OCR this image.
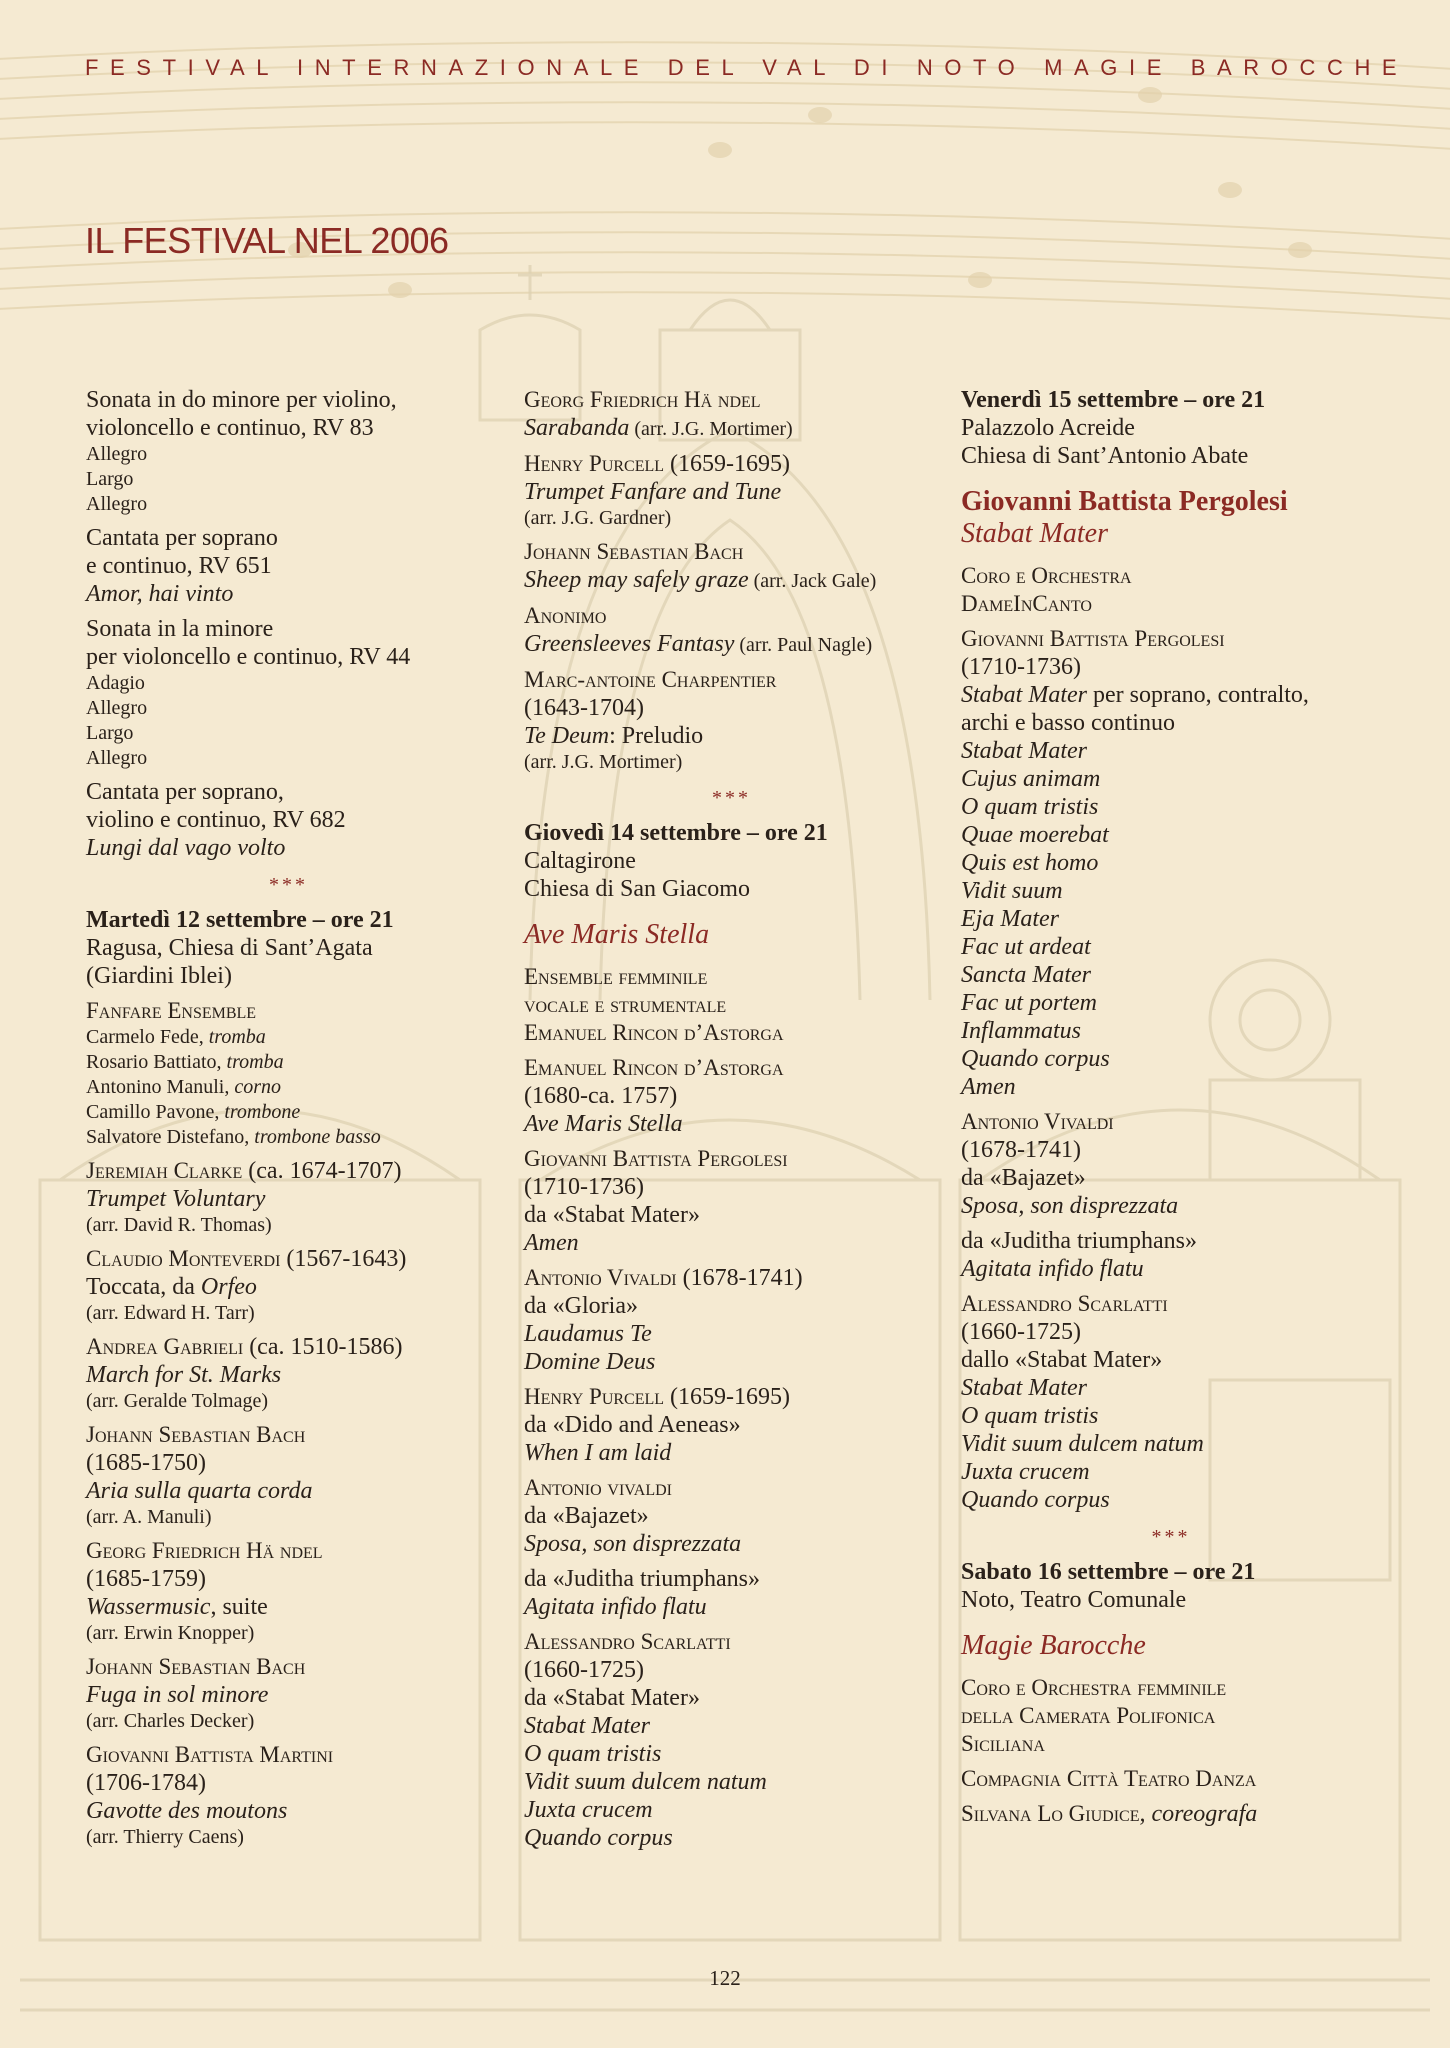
FESTIVAL INTERNAZIONALE DEL VAL DI NOTO MAGIE BAROCCHE
IL FESTIVAL NEL 2006
Sonata in do minore per violino,
violoncello e continuo, RV 83
Allegro
Largo
Allegro
Cantata per soprano
e continuo, RV 651
Amor, hai vinto
Sonata in la minore
per violoncello e continuo, RV 44
Adagio
Allegro
Largo
Allegro
Cantata per soprano,
violino e continuo, RV 682
Lungi dal vago volto
***
Martedì 12 settembre – ore 21
Ragusa, Chiesa di Sant’Agata
(Giardini Iblei)
Fanfare Ensemble
Carmelo Fede, tromba
Rosario Battiato, tromba
Antonino Manuli, corno
Camillo Pavone, trombone
Salvatore Distefano, trombone basso
Jeremiah Clarke (ca. 1674-1707)
Trumpet Voluntary
(arr. David R. Thomas)
Claudio Monteverdi (1567-1643)
Toccata, da Orfeo
(arr. Edward H. Tarr)
Andrea Gabrieli (ca. 1510-1586)
March for St. Marks
(arr. Geralde Tolmage)
Johann Sebastian Bach
(1685-1750)
Aria sulla quarta corda
(arr. A. Manuli)
Georg Friedrich Hä ndel
(1685-1759)
Wassermusic, suite
(arr. Erwin Knopper)
Johann Sebastian Bach
Fuga in sol minore
(arr. Charles Decker)
Giovanni Battista Martini
(1706-1784)
Gavotte des moutons
(arr. Thierry Caens)
Georg Friedrich Hä ndel
Sarabanda (arr. J.G. Mortimer)
Henry Purcell (1659-1695)
Trumpet Fanfare and Tune
(arr. J.G. Gardner)
Johann Sebastian Bach
Sheep may safely graze (arr. Jack Gale)
Anonimo
Greensleeves Fantasy (arr. Paul Nagle)
Marc-antoine Charpentier
(1643-1704)
Te Deum: Preludio
(arr. J.G. Mortimer)
***
Giovedì 14 settembre – ore 21
Caltagirone
Chiesa di San Giacomo
Ave Maris Stella
Ensemble femminile
vocale e strumentale
Emanuel Rincon d’Astorga
Emanuel Rincon d’Astorga
(1680-ca. 1757)
Ave Maris Stella
Giovanni Battista Pergolesi
(1710-1736)
da «Stabat Mater»
Amen
Antonio Vivaldi (1678-1741)
da «Gloria»
Laudamus Te
Domine Deus
Henry Purcell (1659-1695)
da «Dido and Aeneas»
When I am laid
Antonio vivaldi
da «Bajazet»
Sposa, son disprezzata
da «Juditha triumphans»
Agitata infido flatu
Alessandro Scarlatti
(1660-1725)
da «Stabat Mater»
Stabat Mater
O quam tristis
Vidit suum dulcem natum
Juxta crucem
Quando corpus
Venerdì 15 settembre – ore 21
Palazzolo Acreide
Chiesa di Sant’Antonio Abate
Giovanni Battista Pergolesi
Stabat Mater
Coro e Orchestra
DameInCanto
Giovanni Battista Pergolesi
(1710-1736)
Stabat Mater per soprano, contralto,
archi e basso continuo
Stabat Mater
Cujus animam
O quam tristis
Quae moerebat
Quis est homo
Vidit suum
Eja Mater
Fac ut ardeat
Sancta Mater
Fac ut portem
Inflammatus
Quando corpus
Amen
Antonio Vivaldi
(1678-1741)
da «Bajazet»
Sposa, son disprezzata
da «Juditha triumphans»
Agitata infido flatu
Alessandro Scarlatti
(1660-1725)
dallo «Stabat Mater»
Stabat Mater
O quam tristis
Vidit suum dulcem natum
Juxta crucem
Quando corpus
***
Sabato 16 settembre – ore 21
Noto, Teatro Comunale
Magie Barocche
Coro e Orchestra femminile
della Camerata Polifonica
Siciliana
Compagnia Città Teatro Danza
Silvana Lo Giudice, coreografa
122
